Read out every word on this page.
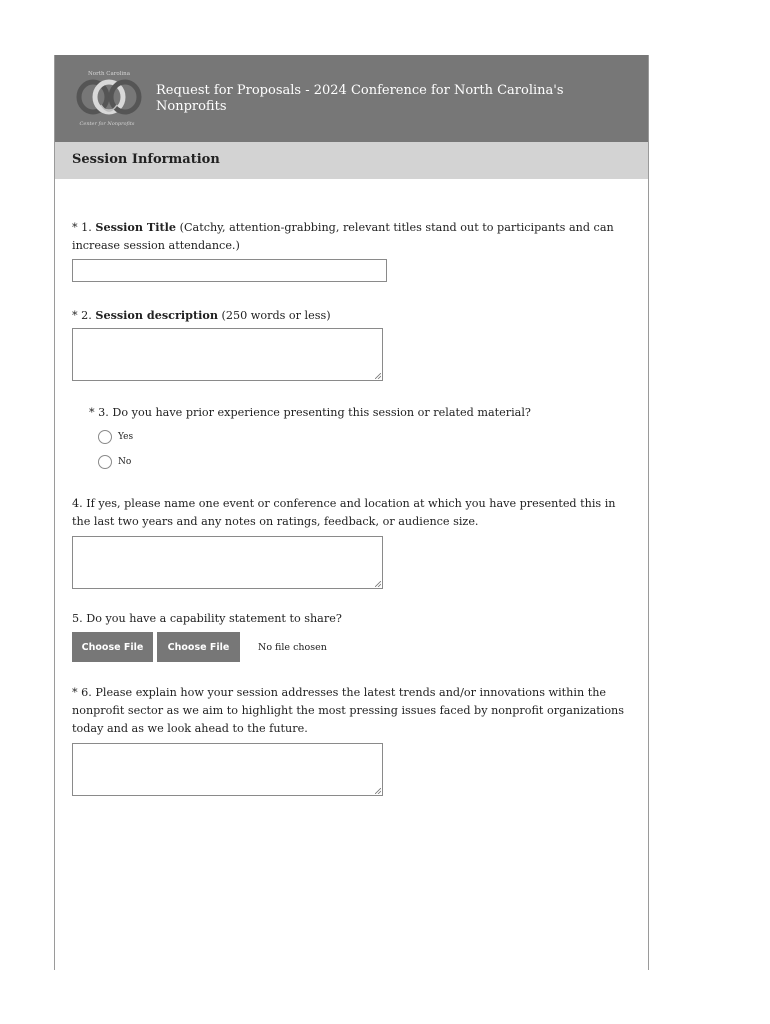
North Carolina
Center for Nonprofits
Request for Proposals - 2024 Conference for North Carolina's Nonprofits
Session Information
* 1. Session Title (Catchy, attention-grabbing, relevant titles stand out to participants and can increase session attendance.)
* 2. Session description (250 words or less)
* 3. Do you have prior experience presenting this session or related material?
Yes
No
4. If yes, please name one event or conference and location at which you have presented this in the last two years and any notes on ratings, feedback, or audience size.
5. Do you have a capability statement to share?
Choose File	Choose File	No file chosen
* 6. Please explain how your session addresses the latest trends and/or innovations within the nonprofit sector as we aim to highlight the most pressing issues faced by nonprofit organizations today and as we look ahead to the future.
